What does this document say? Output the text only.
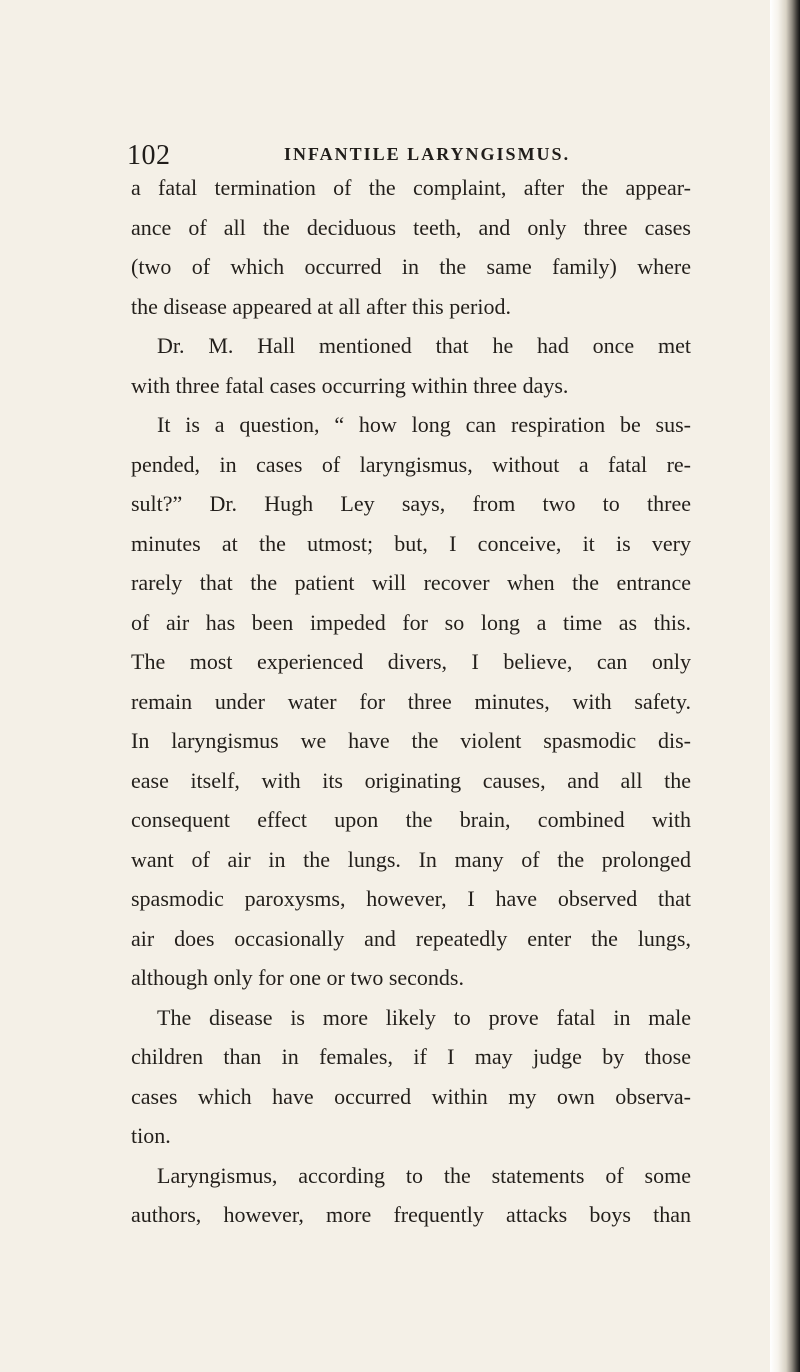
102	INFANTILE LARYNGISMUS.
a fatal termination of the complaint, after the appear-
ance of all the deciduous teeth, and only three cases
(two of which occurred in the same family) where
the disease appeared at all after this period.
Dr. M. Hall mentioned that he had once met
with three fatal cases occurring within three days.
It is a question, “ how long can respiration be sus-
pended, in cases of laryngismus, without a fatal re-
sult?” Dr. Hugh Ley says, from two to three
minutes at the utmost; but, I conceive, it is very
rarely that the patient will recover when the entrance
of air has been impeded for so long a time as this.
The most experienced divers, I believe, can only
remain under water for three minutes, with safety.
In laryngismus we have the violent spasmodic dis-
ease itself, with its originating causes, and all the
consequent effect upon the brain, combined with
want of air in the lungs. In many of the prolonged
spasmodic paroxysms, however, I have observed that
air does occasionally and repeatedly enter the lungs,
although only for one or two seconds.
The disease is more likely to prove fatal in male
children than in females, if I may judge by those
cases which have occurred within my own observa-
tion.
Laryngismus, according to the statements of some
authors, however, more frequently attacks boys than
